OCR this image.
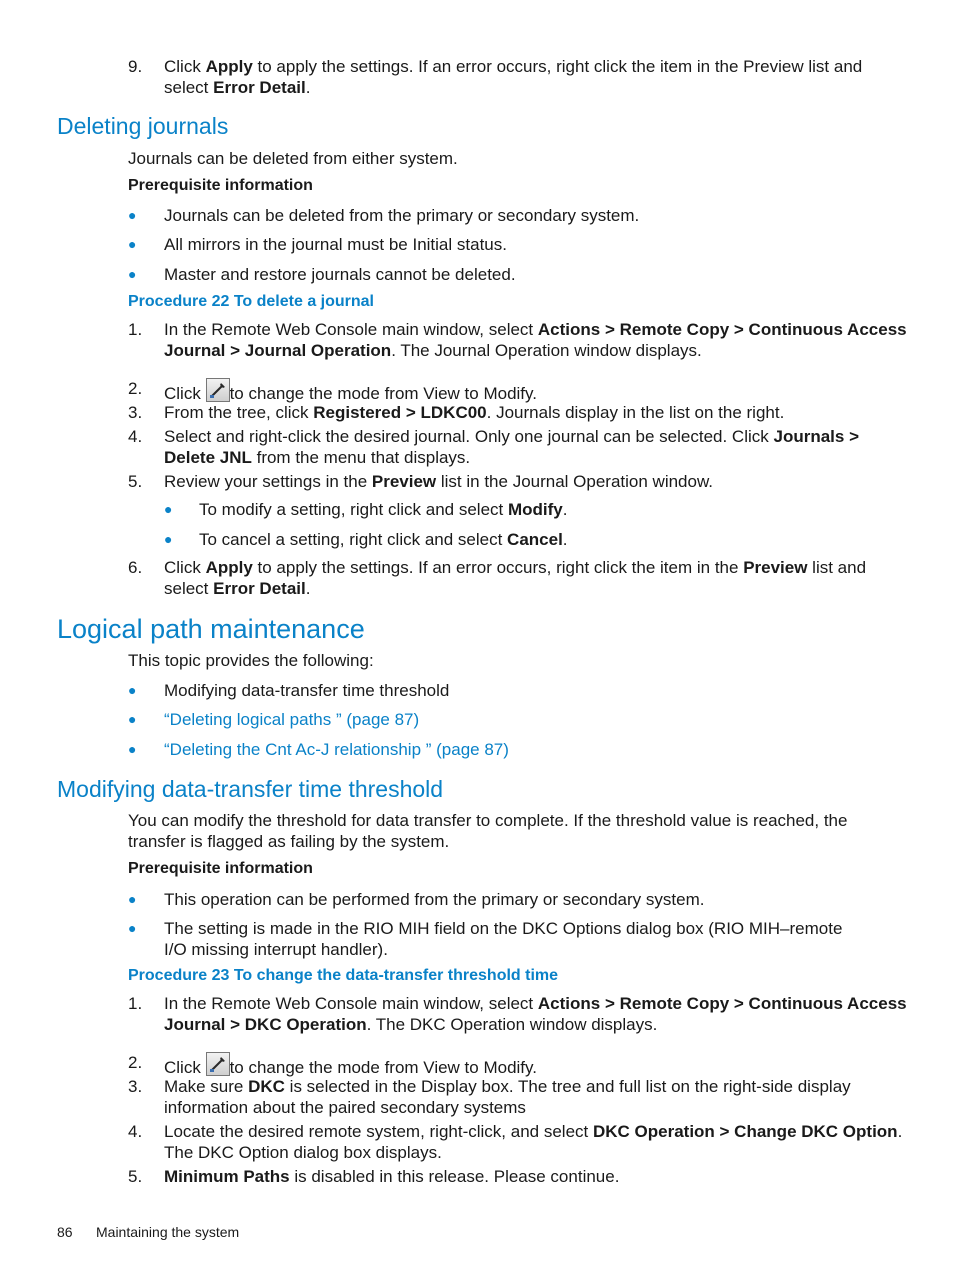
9. Click Apply to apply the settings. If an error occurs, right click the item in the Preview list and
select Error Detail.
Deleting journals
Journals can be deleted from either system.
Prerequisite information
● Journals can be deleted from the primary or secondary system.
● All mirrors in the journal must be Initial status.
● Master and restore journals cannot be deleted.
Procedure 22 To delete a journal
1. In the Remote Web Console main window, select Actions > Remote Copy > Continuous Access
Journal > Journal Operation. The Journal Operation window displays.
2. Click
to change the mode from View to Modify.
3. From the tree, click Registered > LDKC00. Journals display in the list on the right.
4. Select and right-click the desired journal. Only one journal can be selected. Click Journals >
Delete JNL from the menu that displays.
5. Review your settings in the Preview list in the Journal Operation window.
● To modify a setting, right click and select Modify.
● To cancel a setting, right click and select Cancel.
6. Click Apply to apply the settings. If an error occurs, right click the item in the Preview list and
select Error Detail.
Logical path maintenance
This topic provides the following:
● Modifying data-transfer time threshold
● “Deleting logical paths ” (page 87)
● “Deleting the Cnt Ac-J relationship ” (page 87)
Modifying data-transfer time threshold
You can modify the threshold for data transfer to complete. If the threshold value is reached, the
transfer is flagged as failing by the system.
Prerequisite information
● This operation can be performed from the primary or secondary system.
● The setting is made in the RIO MIH field on the DKC Options dialog box (RIO MIH–remote
I/O missing interrupt handler).
Procedure 23 To change the data-transfer threshold time
1. In the Remote Web Console main window, select Actions > Remote Copy > Continuous Access
Journal > DKC Operation. The DKC Operation window displays.
2. Click
to change the mode from View to Modify.
3. Make sure DKC is selected in the Display box. The tree and full list on the right-side display
information about the paired secondary systems
4. Locate the desired remote system, right-click, and select DKC Operation > Change DKC Option.
The DKC Option dialog box displays.
5. Minimum Paths is disabled in this release. Please continue.
86 Maintaining the system
